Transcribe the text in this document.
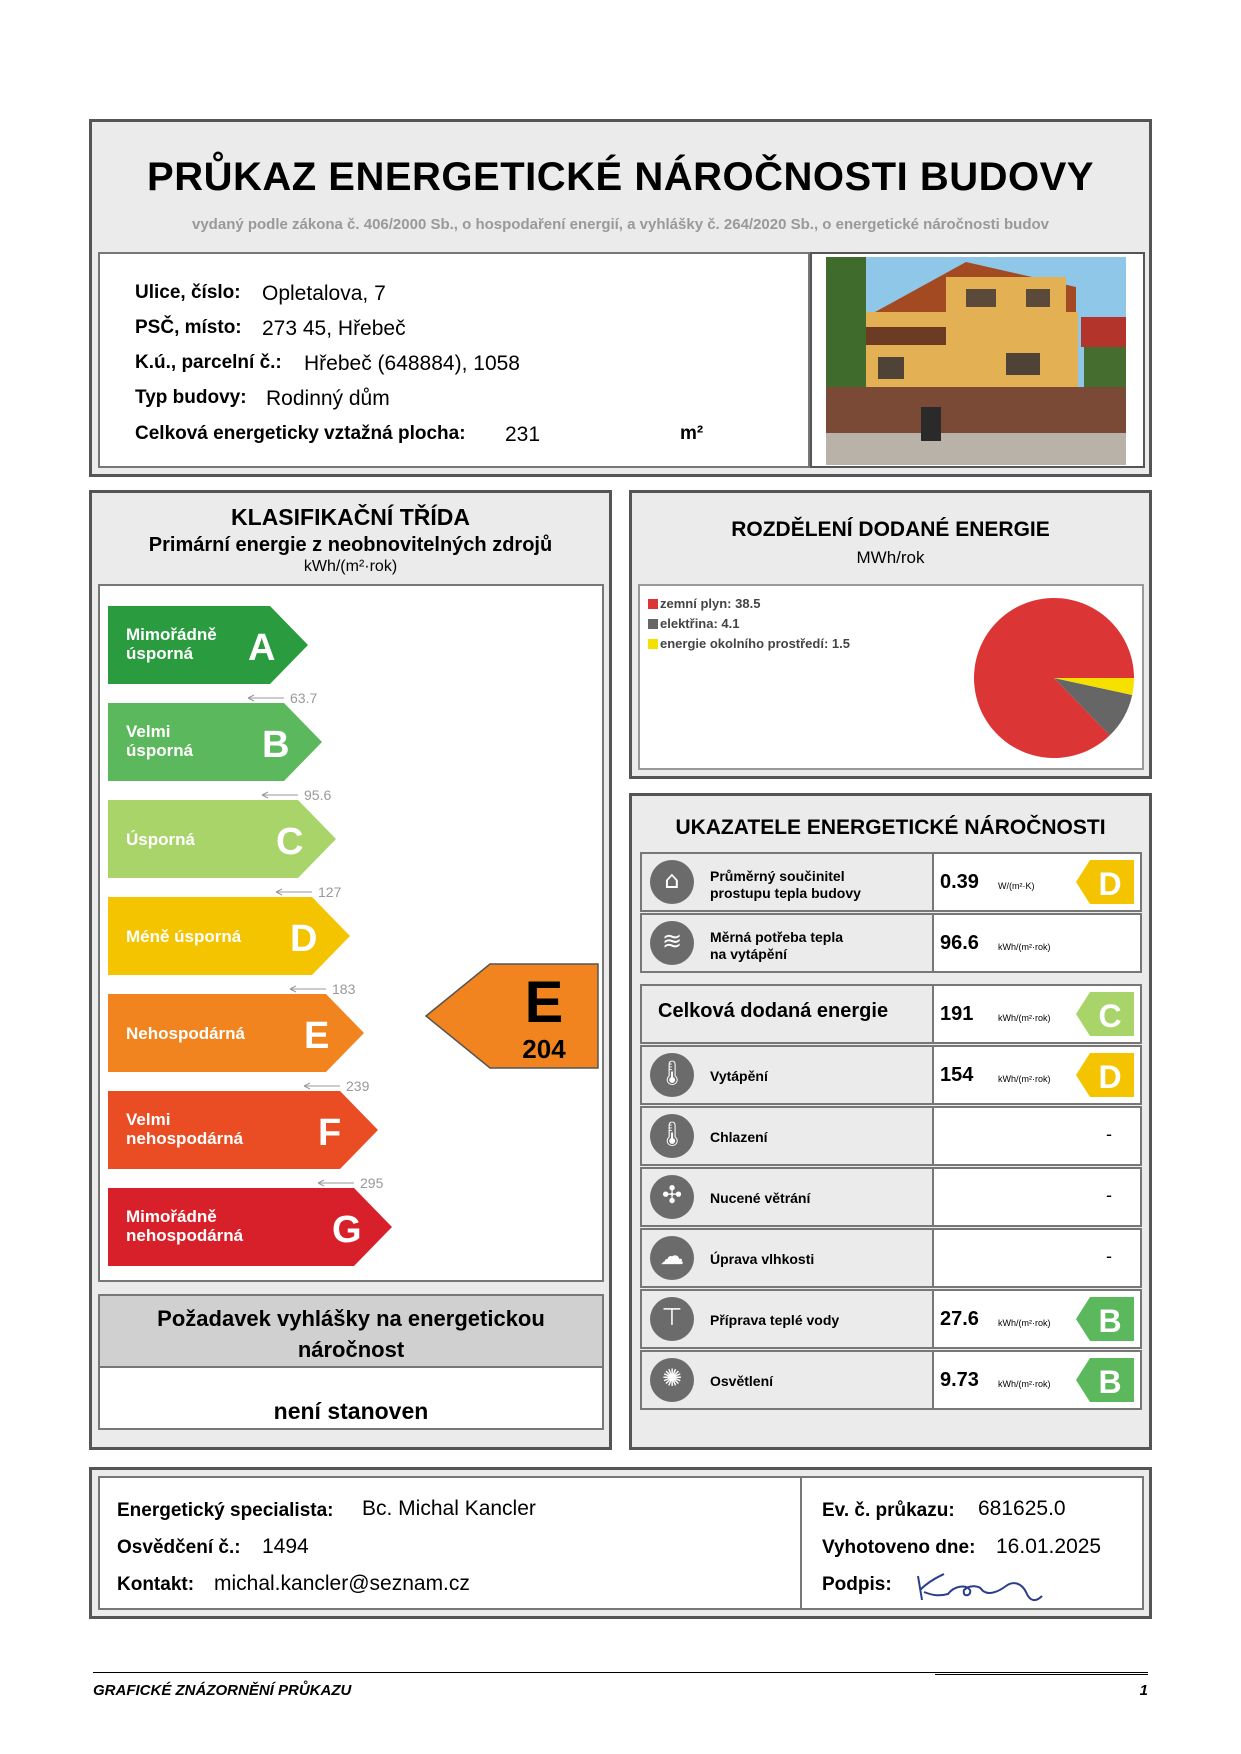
PRŮKAZ ENERGETICKÉ NÁROČNOSTI BUDOVY
vydaný podle zákona č. 406/2000 Sb., o hospodaření energií, a vyhlášky č. 264/2020 Sb., o energetické náročnosti budov
Ulice, číslo: Opletalova, 7
PSČ, místo: 273 45, Hřebeč
K.ú., parcelní č.: Hřebeč (648884), 1058
Typ budovy: Rodinný dům
Celková energeticky vztažná plocha: 231	m²
KLASIFIKAČNÍ TŘÍDA
Primární energie z neobnovitelných zdrojů
kWh/(m²·rok)
Mimořádně
úsporná A
63.7
Velmi
úsporná B
95.6
Úsporná C
127
Méně úsporná D
183
Nehospodárná E
239
Velmi
nehospodárná F
295
Mimořádně
nehospodárná G
E
204
Požadavek vyhlášky na energetickou náročnost
není stanoven
ROZDĚLENÍ DODANÉ ENERGIE
MWh/rok
zemní plyn: 38.5
elektřina: 4.1
energie okolního prostředí: 1.5
UKAZATELE ENERGETICKÉ NÁROČNOSTI
⌂	Průměrný součinitel
prostupu tepla budovy	0.39 W/(m²·K) D
≋	Měrná potřeba tepla
na vytápění	96.6 kWh/(m²·rok)
Celková dodaná energie	191	kWh/(m²·rok) C
🌡	Vytápění	154	kWh/(m²·rok) D
🌡	Chlazení	-
✣	Nucené větrání	-
☁	Úprava vlhkosti	-
⊤	Příprava teplé vody	27.6 kWh/(m²·rok) B
✺	Osvětlení	9.73 kWh/(m²·rok) B
Energetický specialista: Bc. Michal Kancler
Osvědčení č.: 1494
Kontakt: michal.kancler@seznam.cz
Ev. č. průkazu: 681625.0
Vyhotoveno dne: 16.01.2025
Podpis:
GRAFICKÉ ZNÁZORNĚNÍ PRŮKAZU	1
